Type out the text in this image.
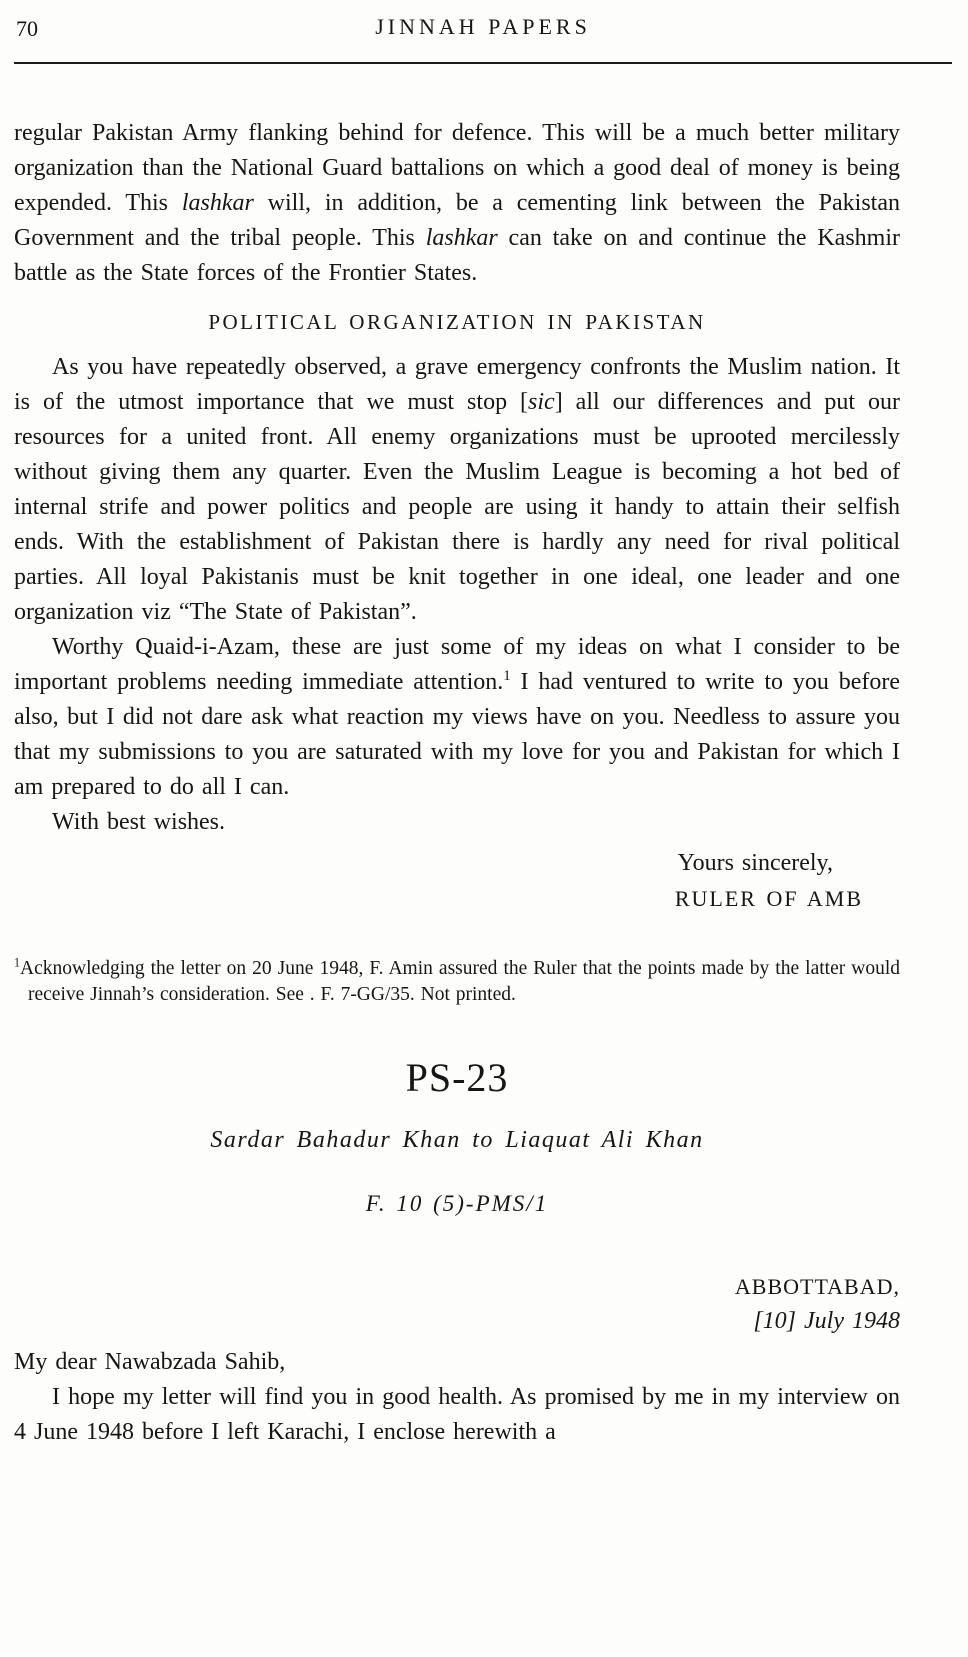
70	JINNAH PAPERS

regular Pakistan Army flanking behind for defence. This will be a much better military organization than the National Guard battalions on which a good deal of money is being expended. This lashkar will, in addition, be a cementing link between the Pakistan Government and the tribal people. This lashkar can take on and continue the Kashmir battle as the State forces of the Frontier States.

POLITICAL ORGANIZATION IN PAKISTAN

As you have repeatedly observed, a grave emergency confronts the Muslim nation. It is of the utmost importance that we must stop [sic] all our differences and put our resources for a united front. All enemy organizations must be uprooted mercilessly without giving them any quarter. Even the Muslim League is becoming a hot bed of internal strife and power politics and people are using it handy to attain their selfish ends. With the establishment of Pakistan there is hardly any need for rival political parties. All loyal Pakistanis must be knit together in one ideal, one leader and one organization viz “The State of Pakistan”.

Worthy Quaid-i-Azam, these are just some of my ideas on what I consider to be important problems needing immediate attention.$^1$ I had ventured to write to you before also, but I did not dare ask what reaction my views have on you. Needless to assure you that my submissions to you are saturated with my love for you and Pakistan for which I am prepared to do all I can.

With best wishes.

Yours sincerely,

RULER OF AMB

$^1$Acknowledging the letter on 20 June 1948, F. Amin assured the Ruler that the points made by the latter would receive Jinnah’s consideration. See . F. 7-GG/35. Not printed.
PS-23
Sardar Bahadur Khan to Liaquat Ali Khan
F. 10 (5)-PMS/1

ABBOTTABAD,

[10] July 1948

My dear Nawabzada Sahib,

I hope my letter will find you in good health. As promised by me in my interview on 4 June 1948 before I left Karachi, I enclose herewith a
